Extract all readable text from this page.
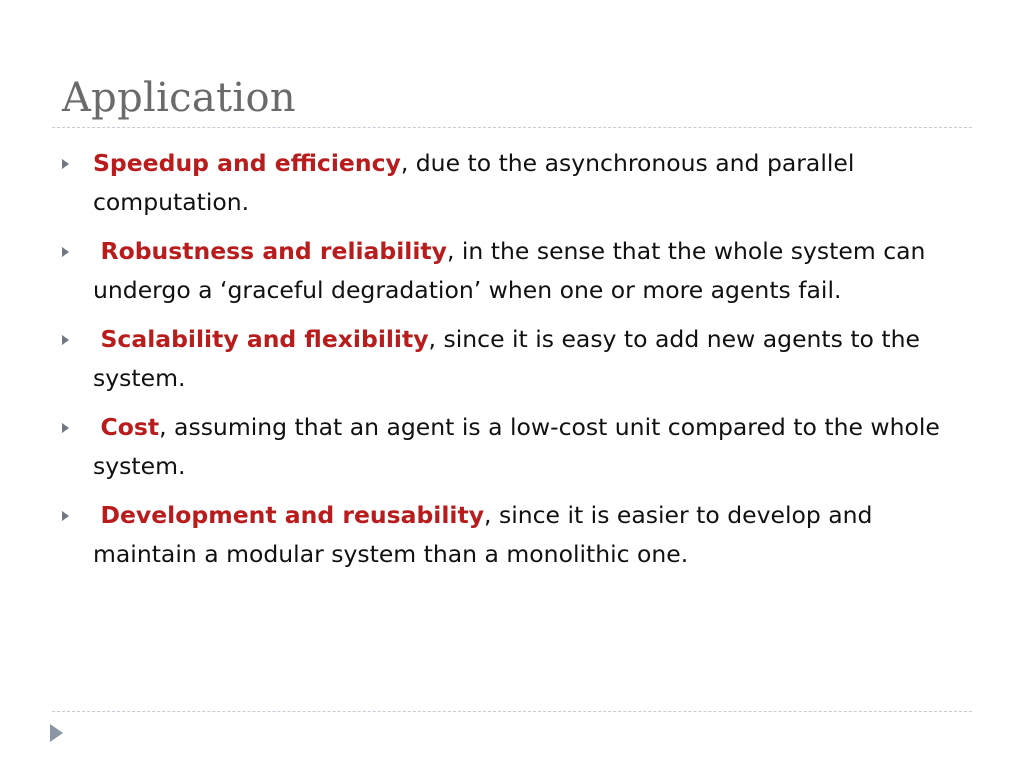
Application
Speedup and efficiency, due to the asynchronous and parallel computation.
Robustness and reliability, in the sense that the whole system can undergo a ‘graceful degradation’ when one or more agents fail.
Scalability and flexibility, since it is easy to add new agents to the system.
Cost, assuming that an agent is a low-cost unit compared to the whole system.
Development and reusability, since it is easier to develop and maintain a modular system than a monolithic one.
